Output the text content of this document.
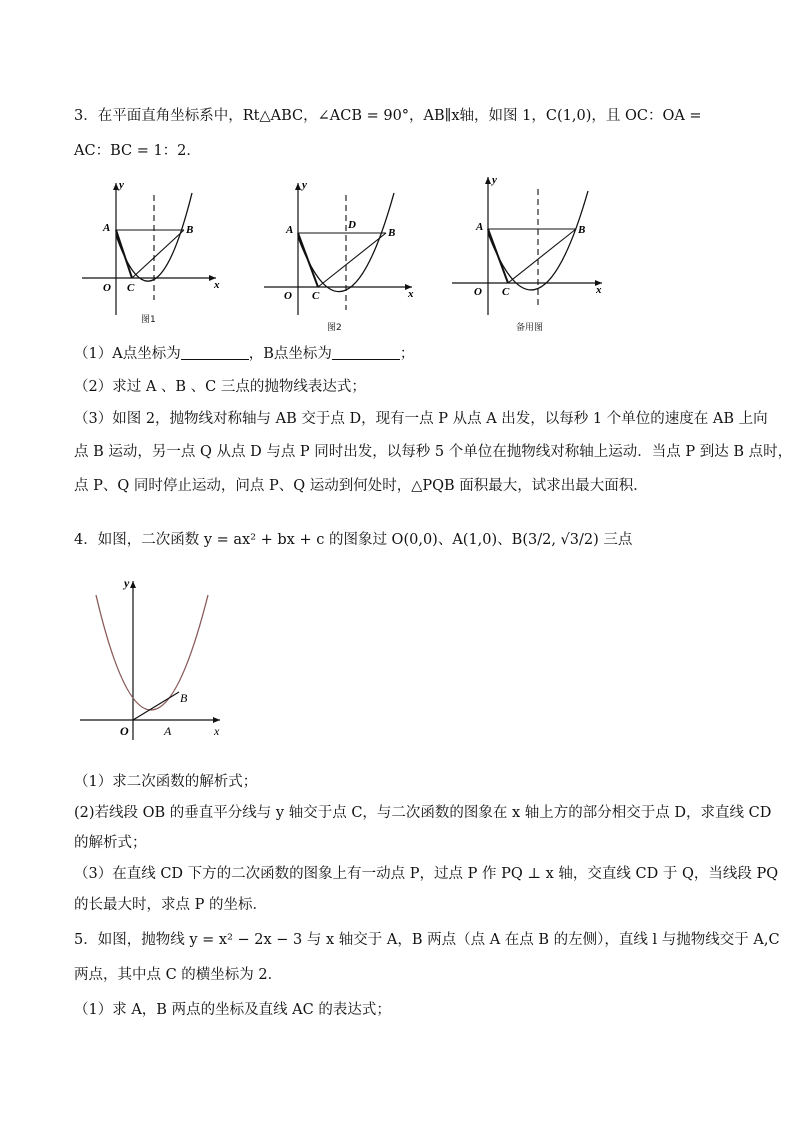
3．在平面直角坐标系中，Rt△ABC，∠ACB = 90°，AB∥x轴，如图 1，C(1,0)，且 OC：OA =
AC：BC = 1：2．
y
x
A	B
C
O
图1
y
x
A	B
D
C
O
图2
y
x
A	B
C
O
备用图
（1）A点坐标为	，B点坐标为	；
（2）求过 A 、B 、C 三点的抛物线表达式；
（3）如图 2，抛物线对称轴与 AB 交于点 D，现有一点 P 从点 A 出发，以每秒 1 个单位的速度在 AB 上向
点 B 运动，另一点 Q 从点 D 与点 P 同时出发，以每秒 5 个单位在抛物线对称轴上运动．当点 P 到达 B 点时，
点 P、Q 同时停止运动，问点 P、Q 运动到何处时，△PQB 面积最大，试求出最大面积．
4．如图，二次函数 y = ax² + bx + c 的图象过 O(0,0)、A(1,0)、B(3/2, √3/2) 三点
y
x
O	A
B
（1）求二次函数的解析式；
(2)若线段 OB 的垂直平分线与 y 轴交于点 C，与二次函数的图象在 x 轴上方的部分相交于点 D，求直线 CD
的解析式；
（3）在直线 CD 下方的二次函数的图象上有一动点 P，过点 P 作 PQ ⊥ x 轴，交直线 CD 于 Q，当线段 PQ
的长最大时，求点 P 的坐标．
5．如图，抛物线 y = x² − 2x − 3 与 x 轴交于 A，B 两点（点 A 在点 B 的左侧），直线 l 与抛物线交于 A,C
两点，其中点 C 的横坐标为 2．
（1）求 A，B 两点的坐标及直线 AC 的表达式；
